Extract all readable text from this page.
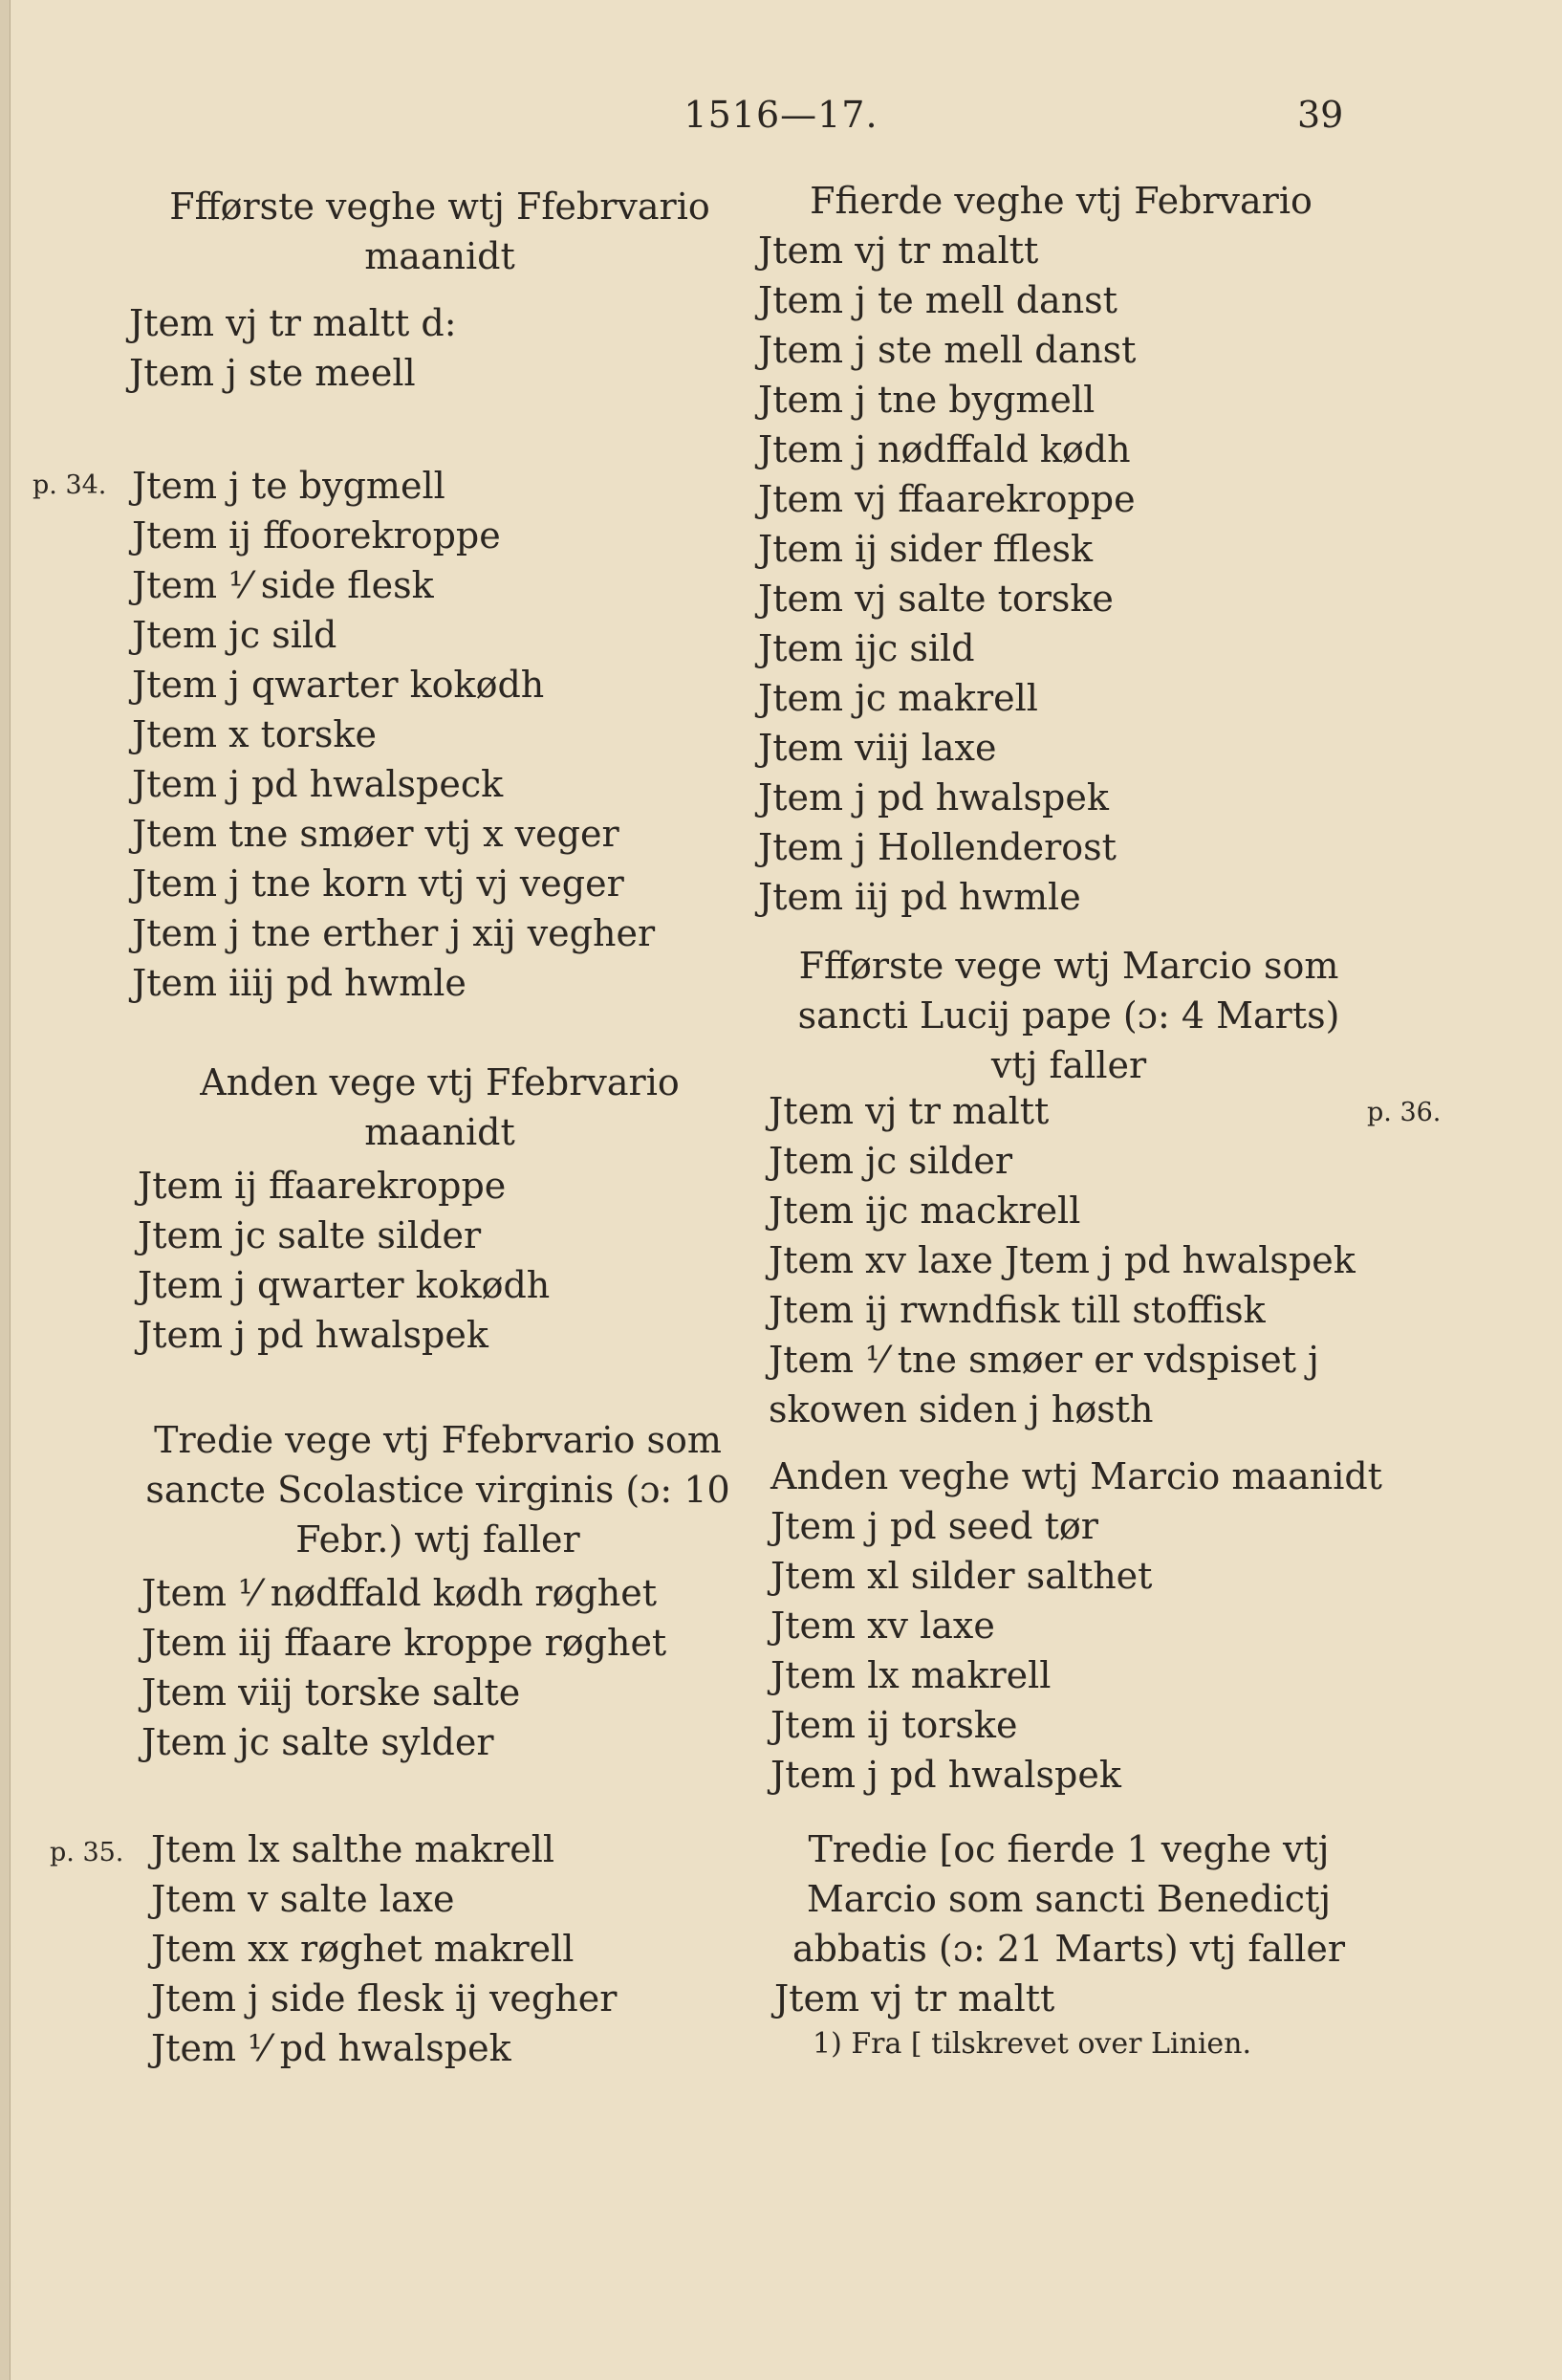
1516—17.	39
Ffførste veghe wtj Ffebrvario maanidt
Jtem vj tr maltt d:
Jtem j ste meell
p. 34. Jtem j te bygmell
Jtem ij ffoorekroppe
Jtem ⅟ side flesk
Jtem jc sild
Jtem j qwarter kokødh
Jtem x torske
Jtem j pd hwalspeck
Jtem tne smøer vtj x veger
Jtem j tne korn vtj vj veger
Jtem j tne erther j xij vegher
Jtem iiij pd hwmle
Anden vege vtj Ffebrvario maanidt
Jtem ij ffaarekroppe
Jtem jc salte silder
Jtem j qwarter kokødh
Jtem j pd hwalspek
Tredie vege vtj Ffebrvario som sancte Scolastice virginis (ɔ: 10 Febr.) wtj faller
Jtem ⅟ nødffald kødh røghet
Jtem iij ffaare kroppe røghet
Jtem viij torske salte
Jtem jc salte sylder
p. 35. Jtem lx salthe makrell
Jtem v salte laxe
Jtem xx røghet makrell
Jtem j side flesk ij vegher
Jtem ⅟ pd hwalspek
Ffierde veghe vtj Febrvario
Jtem vj tr maltt
Jtem j te mell danst
Jtem j ste mell danst
Jtem j tne bygmell
Jtem j nødffald kødh
Jtem vj ffaarekroppe
Jtem ij sider fflesk
Jtem vj salte torske
Jtem ijc sild
Jtem jc makrell
Jtem viij laxe
Jtem j pd hwalspek
Jtem j Hollenderost
Jtem iij pd hwmle
Ffførste vege wtj Marcio som sancti Lucij pape (ɔ: 4 Marts) vtj faller
p. 36.
Jtem vj tr maltt
Jtem jc silder
Jtem ijc mackrell
Jtem xv laxe Jtem j pd hwalspek
Jtem ij rwndfisk till stoffisk
Jtem ⅟ tne smøer er vdspiset j skowen siden j høsth
Anden veghe wtj Marcio maanidt
Jtem j pd seed tør
Jtem xl silder salthet
Jtem xv laxe
Jtem lx makrell
Jtem ij torske
Jtem j pd hwalspek
Tredie [oc fierde 1 veghe vtj Marcio som sancti Benedictj abbatis (ɔ: 21 Marts) vtj faller
Jtem vj tr maltt
1) Fra [ tilskrevet over Linien.
